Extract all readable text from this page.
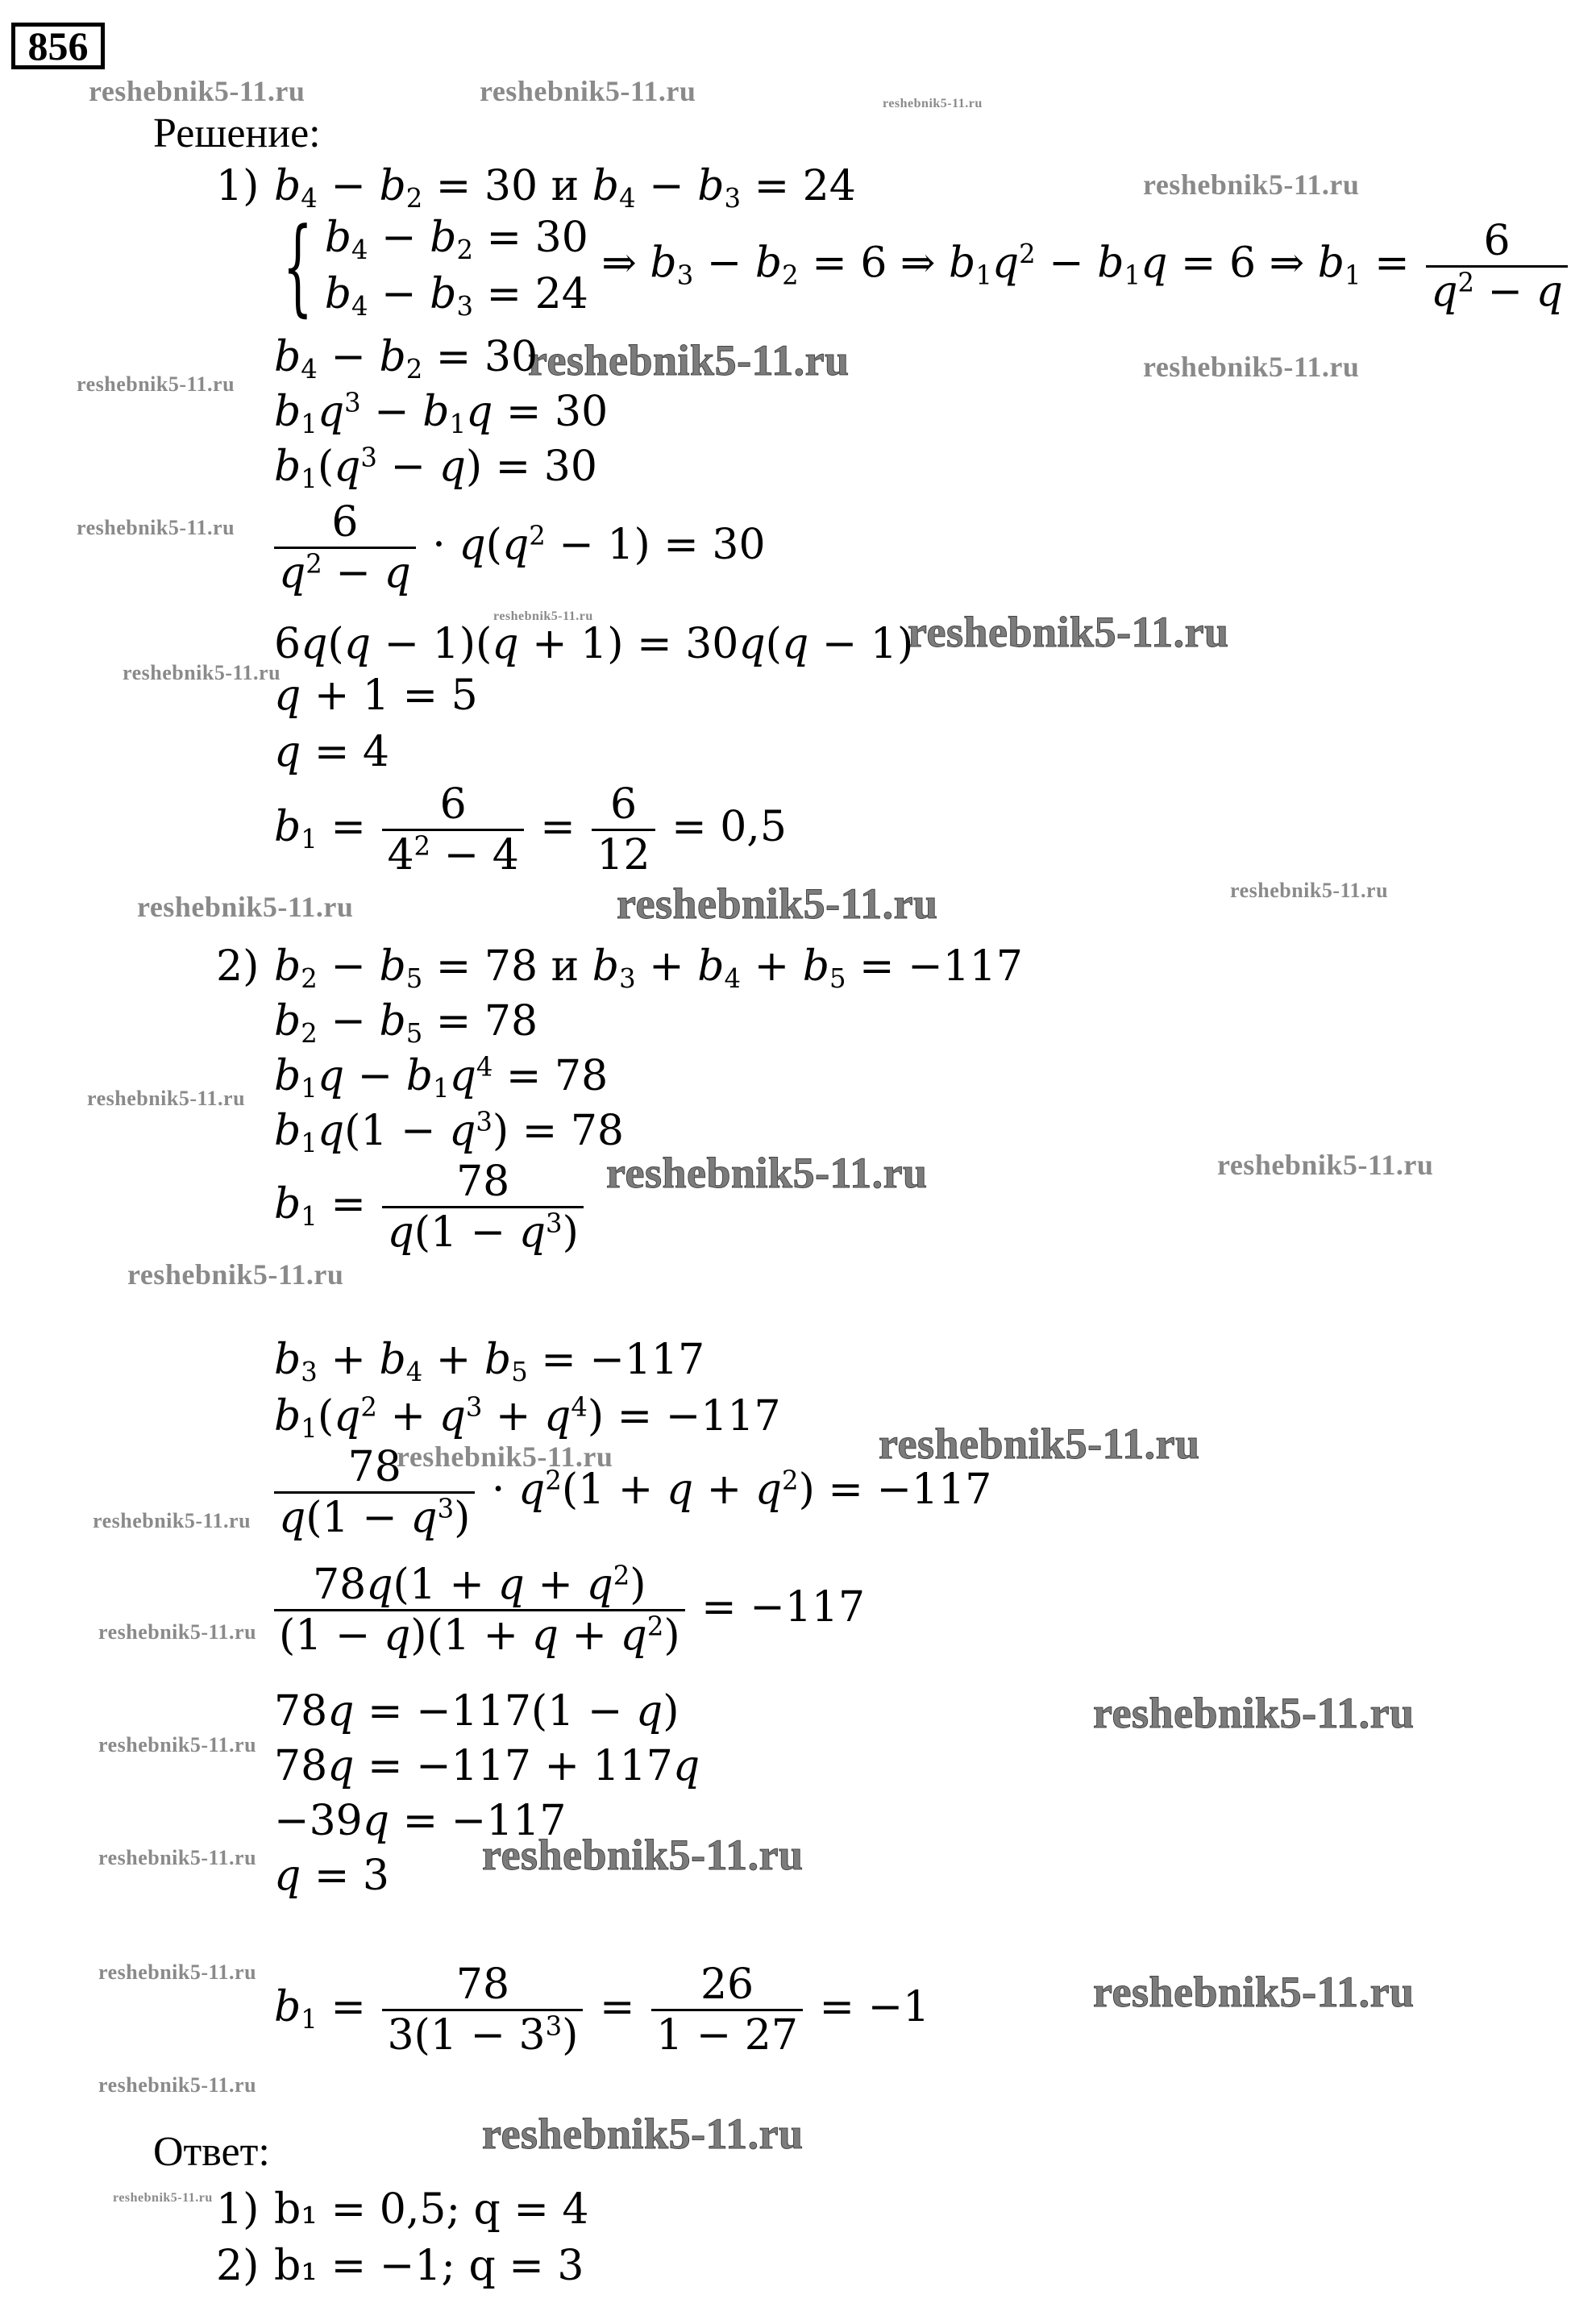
856
reshebnik5-11.ru	reshebnik5-11.ru	reshebnik5-11.ru
reshebnik5-11.ru
reshebnik5-11.ru	reshebnik5-11.ru	reshebnik5-11.ru
reshebnik5-11.ru
reshebnik5-11.ru	reshebnik5-11.ru
reshebnik5-11.ru
reshebnik5-11.ru	reshebnik5-11.ru	reshebnik5-11.ru
reshebnik5-11.ru
reshebnik5-11.ru	reshebnik5-11.ru
reshebnik5-11.ru
reshebnik5-11.ru	reshebnik5-11.ru
reshebnik5-11.ru
reshebnik5-11.ru
reshebnik5-11.ru
reshebnik5-11.ru
reshebnik5-11.ru	reshebnik5-11.ru
reshebnik5-11.ru	reshebnik5-11.ru
reshebnik5-11.ru
reshebnik5-11.ru
reshebnik5-11.ru
Решение:
1) $b_4 - b_2 = 30$ и $b_4 - b_3 = 24$
{ $b_4 - b_2 = 30$
$b_4 - b_3 = 24$
⇒ $b_3 - b_2 = 6$ ⇒ $b_1q^2 - b_1q = 6$ ⇒ $b_1 = \frac{6}{q^2 - q}$
$b_4 - b_2 = 30$
$b_1q^3 - b_1q = 30$
$b_1(q^3 - q) = 30$
$\frac{6}{q^2 - q} \cdot q(q^2 - 1) = 30$
6q(q − 1)(q + 1) = 30q(q − 1)
q + 1 = 5
q = 4
$b_1 = \frac{6}{4^2 - 4} = \frac{6}{12} = 0,5$
2) $b_2 - b_5 = 78$ и $b_3 + b_4 + b_5 = -117$
$b_2 - b_5 = 78$
$b_1q - b_1q^4 = 78$
$b_1q(1 - q^3) = 78$
$b_1 = \frac{78}{q(1 - q^3)}$
$b_3 + b_4 + b_5 = -117$
$b_1(q^2 + q^3 + q^4) = -117$
$\frac{78}{q(1 - q^3)} \cdot q^2(1 + q + q^2) = -117$
$\frac{78q(1 + q + q^2)}{(1 - q)(1 + q + q^2)} = -117$
78q = −117(1 − q)
78q = −117 + 117q
−39q = −117
q = 3
$b_1 = \frac{78}{3(1 - 3^3)} = \frac{26}{1 - 27} = -1$
Ответ:
1) b₁ = 0,5; q = 4
2) b₁ = −1; q = 3
